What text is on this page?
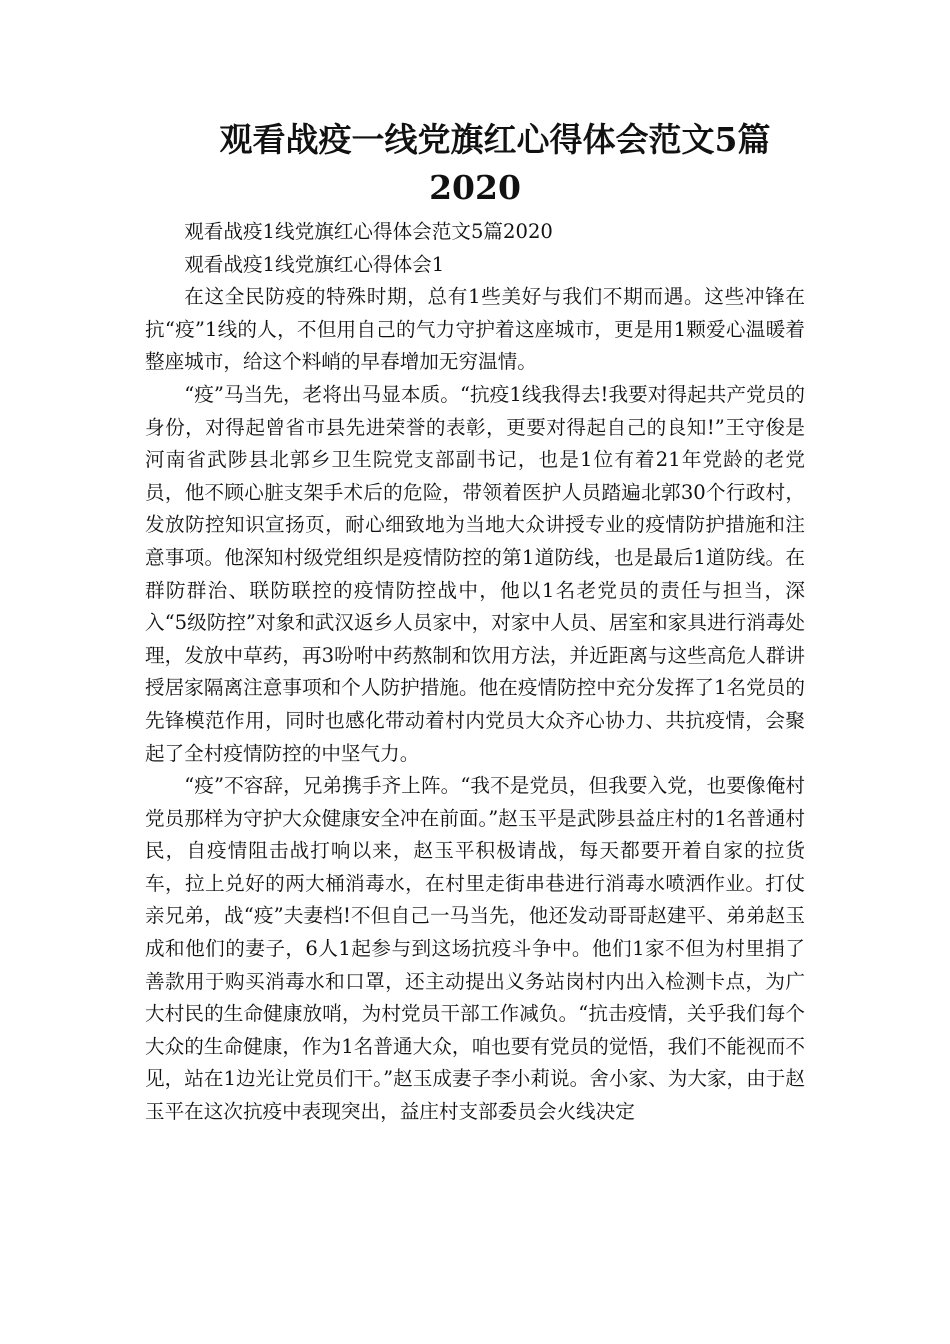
观看战疫一线党旗红心得体会范文5篇
2020

观看战疫1线党旗红心得体会范文5篇2020

观看战疫1线党旗红心得体会1

在这全民防疫的特殊时期，总有1些美好与我们不期而遇。这些冲锋在抗“疫”1线的人，不但用自己的气力守护着这座城市，更是用1颗爱心温暖着整座城市，给这个料峭的早春增加无穷温情。

“疫”马当先，老将出马显本质。“抗疫1线我得去!我要对得起共产党员的身份，对得起曾省市县先进荣誉的表彰，更要对得起自己的良知!”王守俊是河南省武陟县北郭乡卫生院党支部副书记，也是1位有着21年党龄的老党员，他不顾心脏支架手术后的危险，带领着医护人员踏遍北郭30个行政村，发放防控知识宣扬页，耐心细致地为当地大众讲授专业的疫情防护措施和注意事项。他深知村级党组织是疫情防控的第1道防线，也是最后1道防线。在群防群治、联防联控的疫情防控战中，他以1名老党员的责任与担当，深入“5级防控”对象和武汉返乡人员家中，对家中人员、居室和家具进行消毒处理，发放中草药，再3吩咐中药熬制和饮用方法，并近距离与这些高危人群讲授居家隔离注意事项和个人防护措施。他在疫情防控中充分发挥了1名党员的先锋模范作用，同时也感化带动着村内党员大众齐心协力、共抗疫情，会聚起了全村疫情防控的中坚气力。

“疫”不容辞，兄弟携手齐上阵。“我不是党员，但我要入党，也要像俺村党员那样为守护大众健康安全冲在前面。”赵玉平是武陟县益庄村的1名普通村民，自疫情阻击战打响以来，赵玉平积极请战，每天都要开着自家的拉货车，拉上兑好的两大桶消毒水，在村里走街串巷进行消毒水喷洒作业。打仗亲兄弟，战“疫”夫妻档!不但自己一马当先，他还发动哥哥赵建平、弟弟赵玉成和他们的妻子，6人1起参与到这场抗疫斗争中。他们1家不但为村里捐了善款用于购买消毒水和口罩，还主动提出义务站岗村内出入检测卡点，为广大村民的生命健康放哨，为村党员干部工作减负。“抗击疫情，关乎我们每个大众的生命健康，作为1名普通大众，咱也要有党员的觉悟，我们不能视而不见，站在1边光让党员们干。”赵玉成妻子李小莉说。舍小家、为大家，由于赵玉平在这次抗疫中表现突出，益庄村支部委员会火线决定
